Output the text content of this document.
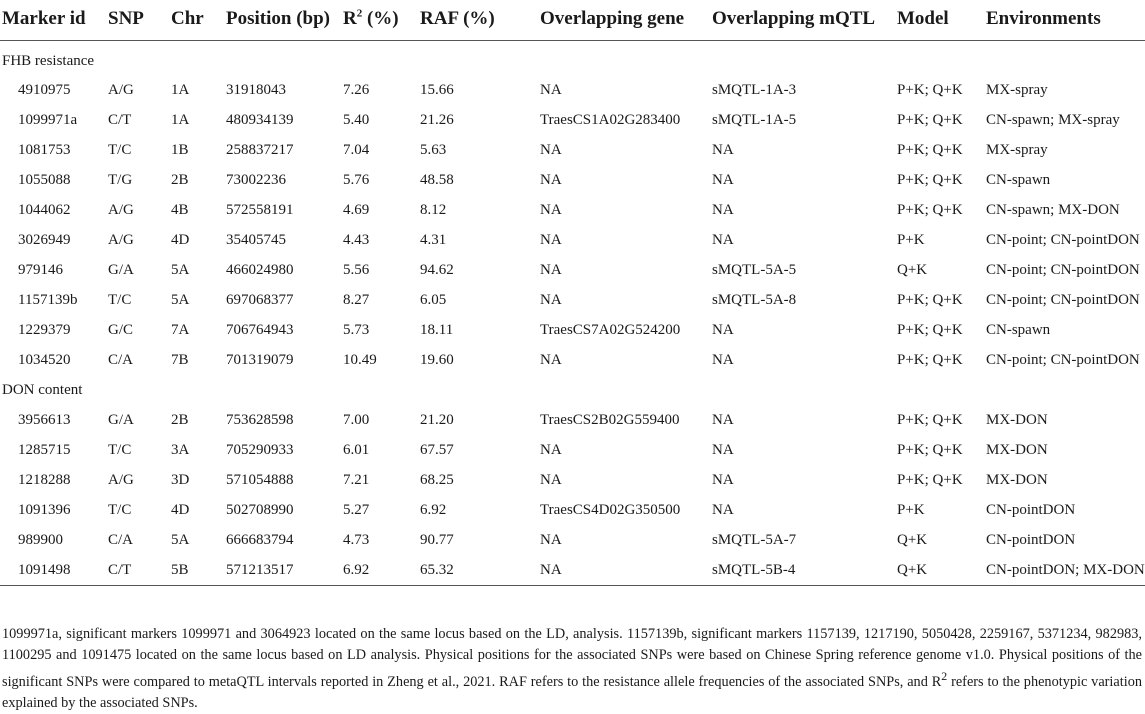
Marker id	SNP	Chr	Position (bp)	$R^2$ (%)	RAF (%)	Overlapping gene	Overlapping mQTL	Model	Environments
FHB resistance									
4910975	A/G	1A	31918043	7.26	15.66	NA	sMQTL-1A-3	P+K; Q+K	MX-spray
1099971a	C/T	1A	480934139	5.40	21.26	TraesCS1A02G283400	sMQTL-1A-5	P+K; Q+K	CN-spawn; MX-spray
1081753	T/C	1B	258837217	7.04	5.63	NA	NA	P+K; Q+K	MX-spray
1055088	T/G	2B	73002236	5.76	48.58	NA	NA	P+K; Q+K	CN-spawn
1044062	A/G	4B	572558191	4.69	8.12	NA	NA	P+K; Q+K	CN-spawn; MX-DON
3026949	A/G	4D	35405745	4.43	4.31	NA	NA	P+K	CN-point; CN-pointDON
979146	G/A	5A	466024980	5.56	94.62	NA	sMQTL-5A-5	Q+K	CN-point; CN-pointDON
1157139b	T/C	5A	697068377	8.27	6.05	NA	sMQTL-5A-8	P+K; Q+K	CN-point; CN-pointDON
1229379	G/C	7A	706764943	5.73	18.11	TraesCS7A02G524200	NA	P+K; Q+K	CN-spawn
1034520	C/A	7B	701319079	10.49	19.60	NA	NA	P+K; Q+K	CN-point; CN-pointDON
DON content									
3956613	G/A	2B	753628598	7.00	21.20	TraesCS2B02G559400	NA	P+K; Q+K	MX-DON
1285715	T/C	3A	705290933	6.01	67.57	NA	NA	P+K; Q+K	MX-DON
1218288	A/G	3D	571054888	7.21	68.25	NA	NA	P+K; Q+K	MX-DON
1091396	T/C	4D	502708990	5.27	6.92	TraesCS4D02G350500	NA	P+K	CN-pointDON
989900	C/A	5A	666683794	4.73	90.77	NA	sMQTL-5A-7	Q+K	CN-pointDON
1091498	C/T	5B	571213517	6.92	65.32	NA	sMQTL-5B-4	Q+K	CN-pointDON; MX-DON

1099971a, significant markers 1099971 and 3064923 located on the same locus based on the LD, analysis. 1157139b, significant markers 1157139, 1217190, 5050428, 2259167, 5371234, 982983, 1100295 and 1091475 located on the same locus based on LD analysis. Physical positions for the associated SNPs were based on Chinese Spring reference genome v1.0. Physical positions of the significant SNPs were compared to metaQTL intervals reported in Zheng et al., 2021. RAF refers to the resistance allele frequencies of the associated SNPs, and $R^2$ refers to the phenotypic variation explained by the associated SNPs.
